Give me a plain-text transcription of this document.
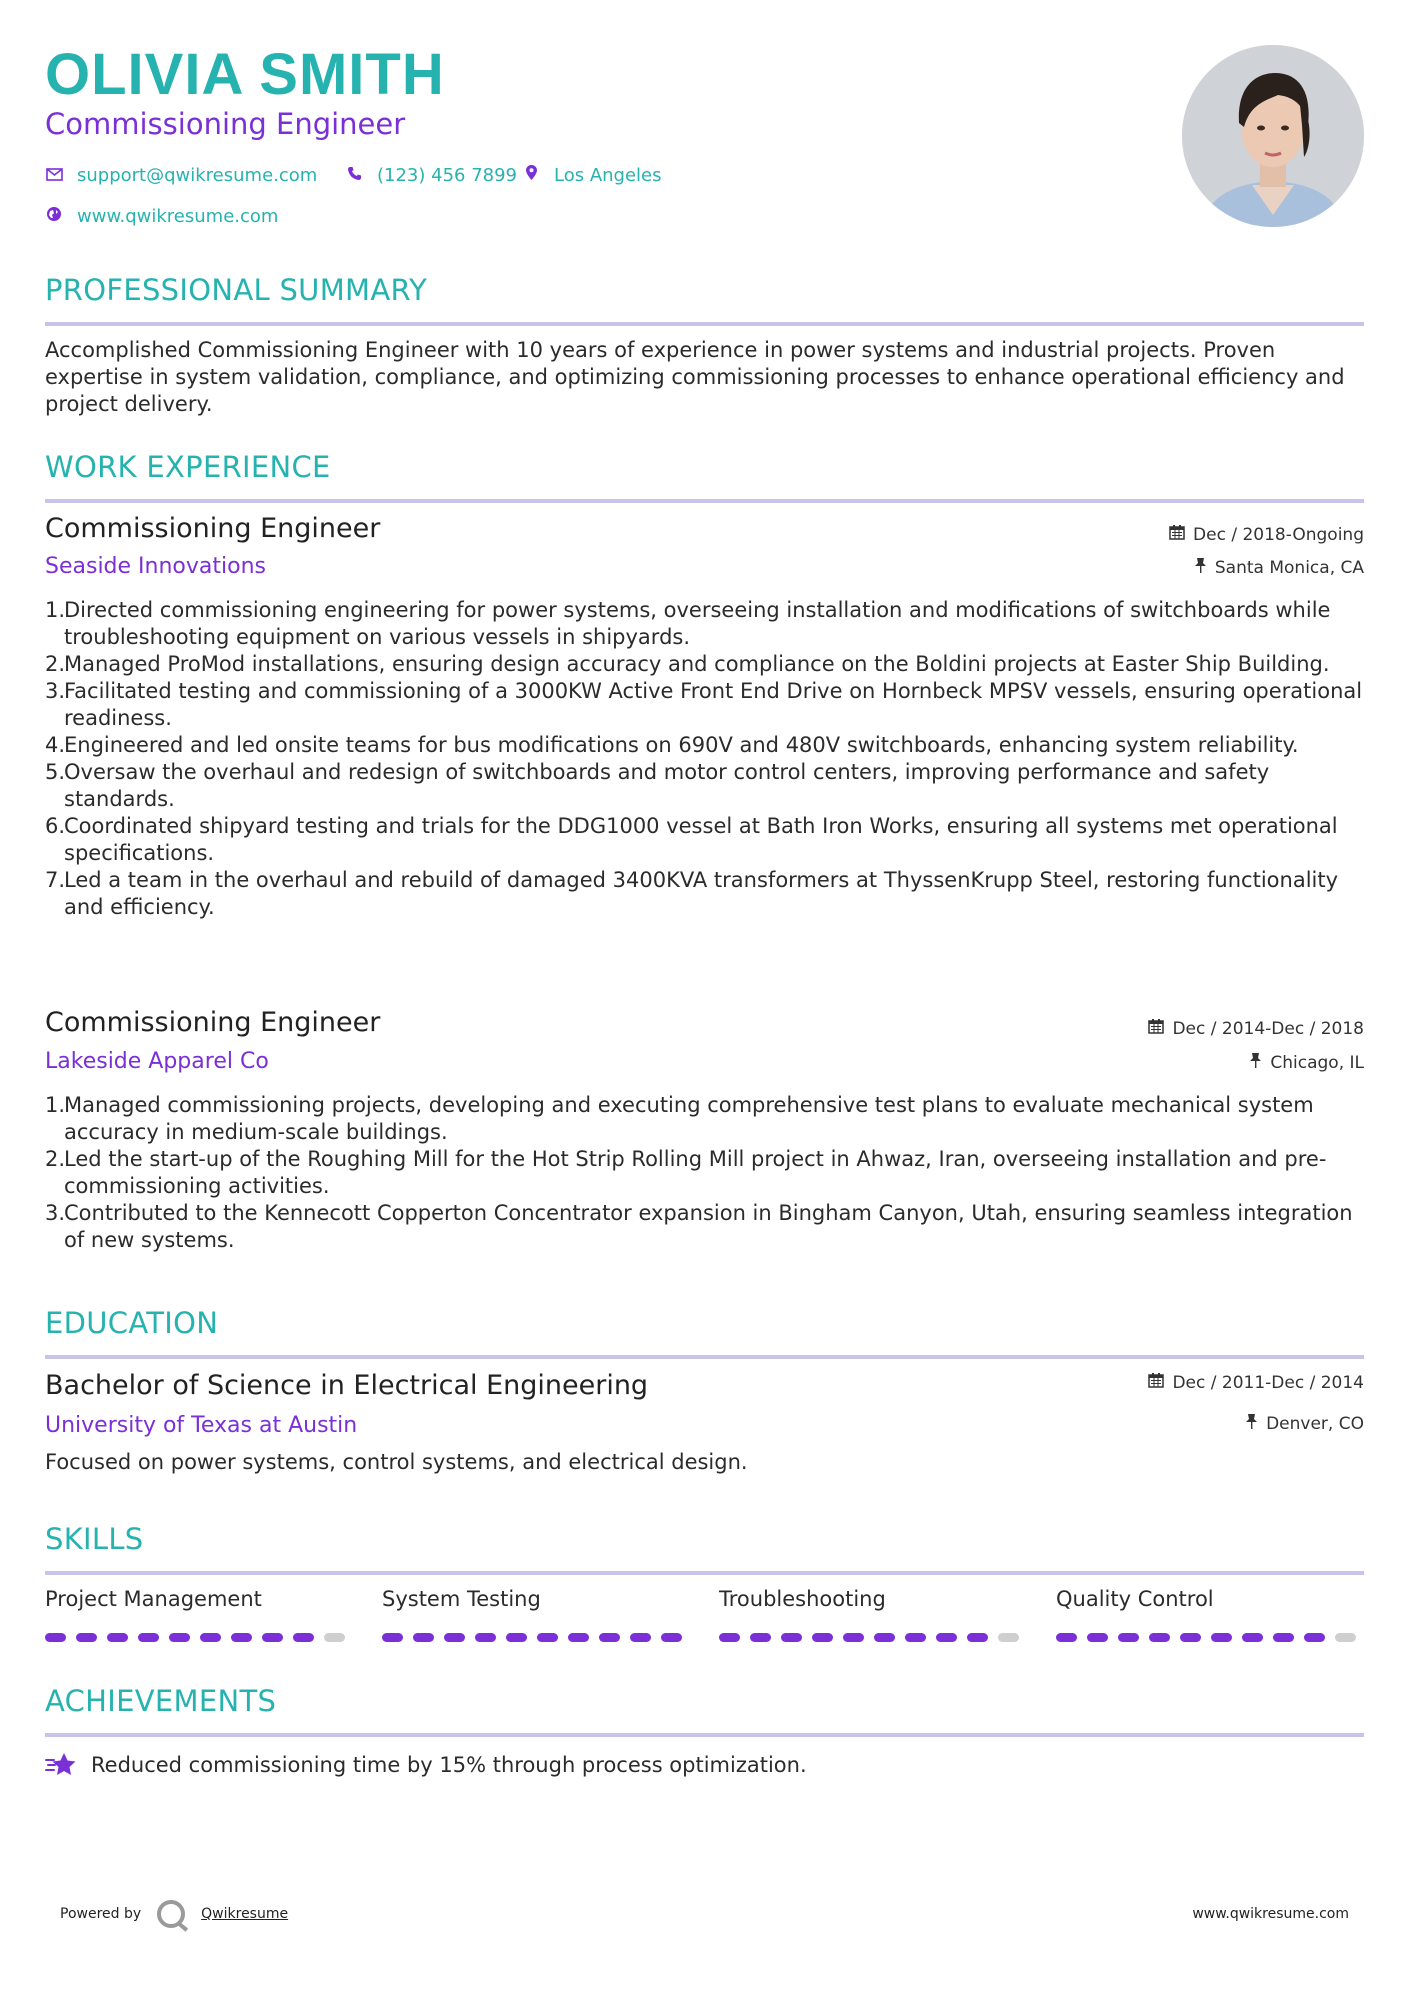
OLIVIA SMITH
Commissioning Engineer
support@qwikresume.com	(123) 456 7899 Los Angeles
www.qwikresume.com
PROFESSIONAL SUMMARY
Accomplished Commissioning Engineer with 10 years of experience in power systems and industrial projects. Proven expertise in system validation, compliance, and optimizing commissioning processes to enhance operational efficiency and project delivery.
WORK EXPERIENCE
Commissioning Engineer
Seaside Innovations
Dec / 2018-Ongoing
Santa Monica, CA
1.
Directed commissioning engineering for power systems, overseeing installation and modifications of switchboards while troubleshooting equipment on various vessels in shipyards.
2.
Managed ProMod installations, ensuring design accuracy and compliance on the Boldini projects at Easter Ship Building.
3.
Facilitated testing and commissioning of a 3000KW Active Front End Drive on Hornbeck MPSV vessels, ensuring operational readiness.
4.
Engineered and led onsite teams for bus modifications on 690V and 480V switchboards, enhancing system reliability.
5.
Oversaw the overhaul and redesign of switchboards and motor control centers, improving performance and safety standards.
6.
Coordinated shipyard testing and trials for the DDG1000 vessel at Bath Iron Works, ensuring all systems met operational specifications.
7.
Led a team in the overhaul and rebuild of damaged 3400KVA transformers at ThyssenKrupp Steel, restoring functionality and efficiency.
Commissioning Engineer
Lakeside Apparel Co
Dec / 2014-Dec / 2018
Chicago, IL
1.
Managed commissioning projects, developing and executing comprehensive test plans to evaluate mechanical system accuracy in medium-scale buildings.
2.
Led the start-up of the Roughing Mill for the Hot Strip Rolling Mill project in Ahwaz, Iran, overseeing installation and pre-commissioning activities.
3.
Contributed to the Kennecott Copperton Concentrator expansion in Bingham Canyon, Utah, ensuring seamless integration of new systems.
EDUCATION
Bachelor of Science in Electrical Engineering
University of Texas at Austin
Dec / 2011-Dec / 2014
Denver, CO
Focused on power systems, control systems, and electrical design.
SKILLS
Project Management	System Testing	Troubleshooting	Quality Control
ACHIEVEMENTS
Reduced commissioning time by 15% through process optimization.
Powered by	Qwikresume	www.qwikresume.com
